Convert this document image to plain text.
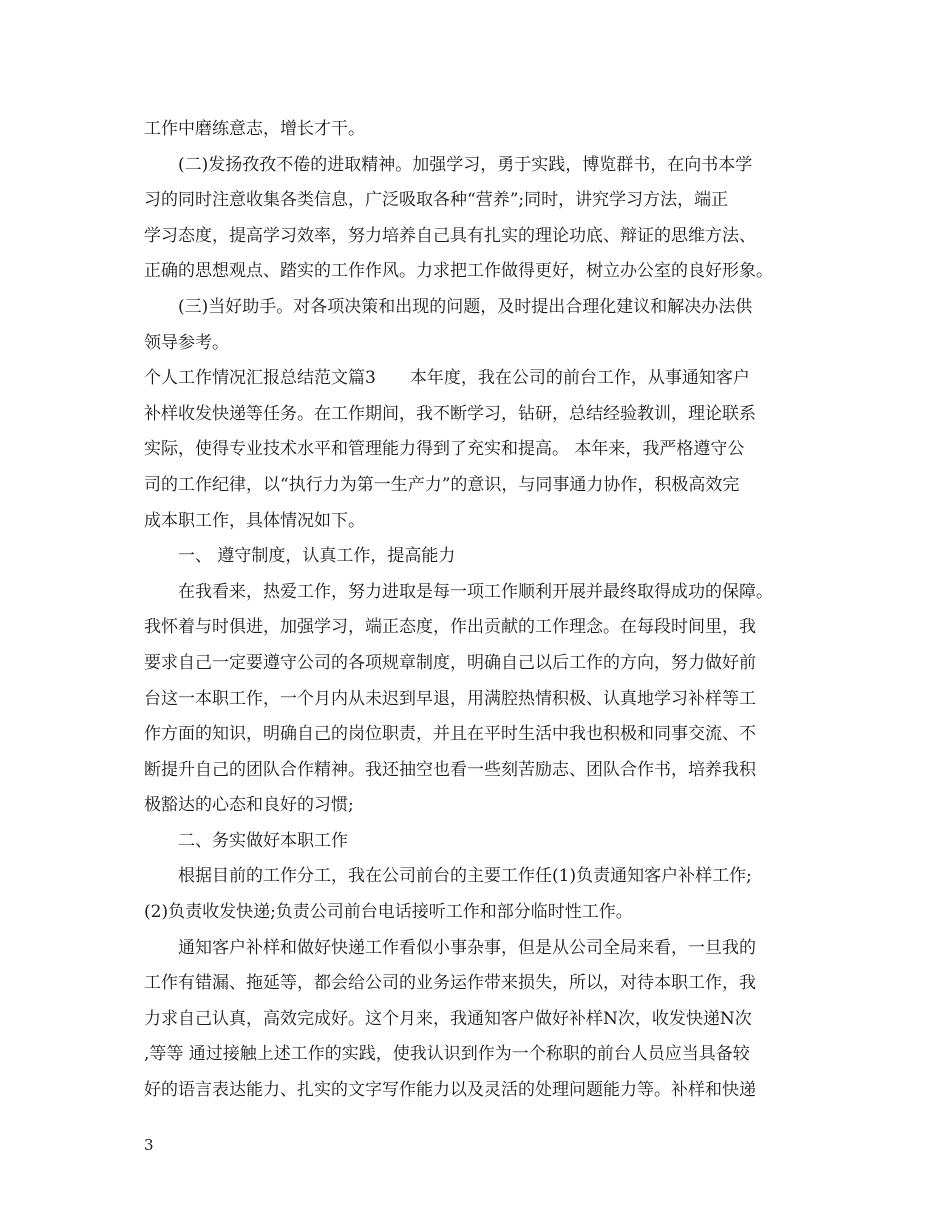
工作中磨练意志，增长才干。
　　(二)发扬孜孜不倦的进取精神。加强学习，勇于实践，博览群书，在向书本学
习的同时注意收集各类信息，广泛吸取各种“营养”;同时，讲究学习方法，端正
学习态度，提高学习效率，努力培养自己具有扎实的理论功底、辩证的思维方法、
正确的思想观点、踏实的工作作风。力求把工作做得更好，树立办公室的良好形象。
　　(三)当好助手。对各项决策和出现的问题，及时提出合理化建议和解决办法供
领导参考。
个人工作情况汇报总结范文篇3　　本年度，我在公司的前台工作，从事通知客户
补样收发快递等任务。在工作期间，我不断学习，钻研，总结经验教训，理论联系
实际，使得专业技术水平和管理能力得到了充实和提高。 本年来，我严格遵守公
司的工作纪律，以“执行力为第一生产力”的意识，与同事通力协作，积极高效完
成本职工作，具体情况如下。
　　一、 遵守制度，认真工作，提高能力
　　在我看来，热爱工作，努力进取是每一项工作顺利开展并最终取得成功的保障。
我怀着与时俱进，加强学习，端正态度，作出贡献的工作理念。在每段时间里，我
要求自己一定要遵守公司的各项规章制度，明确自己以后工作的方向，努力做好前
台这一本职工作，一个月内从未迟到早退，用满腔热情积极、认真地学习补样等工
作方面的知识，明确自己的岗位职责，并且在平时生活中我也积极和同事交流、不
断提升自己的团队合作精神。我还抽空也看一些刻苦励志、团队合作书，培养我积
极豁达的心态和良好的习惯;
　　二、务实做好本职工作
　　根据目前的工作分工，我在公司前台的主要工作任(1)负责通知客户补样工作;
(2)负责收发快递;负责公司前台电话接听工作和部分临时性工作。
　　通知客户补样和做好快递工作看似小事杂事，但是从公司全局来看，一旦我的
工作有错漏、拖延等，都会给公司的业务运作带来损失，所以，对待本职工作，我
力求自己认真，高效完成好。这个月来，我通知客户做好补样N次，收发快递N次
,等等 通过接触上述工作的实践，使我认识到作为一个称职的前台人员应当具备较
好的语言表达能力、扎实的文字写作能力以及灵活的处理问题能力等。补样和快递
3
